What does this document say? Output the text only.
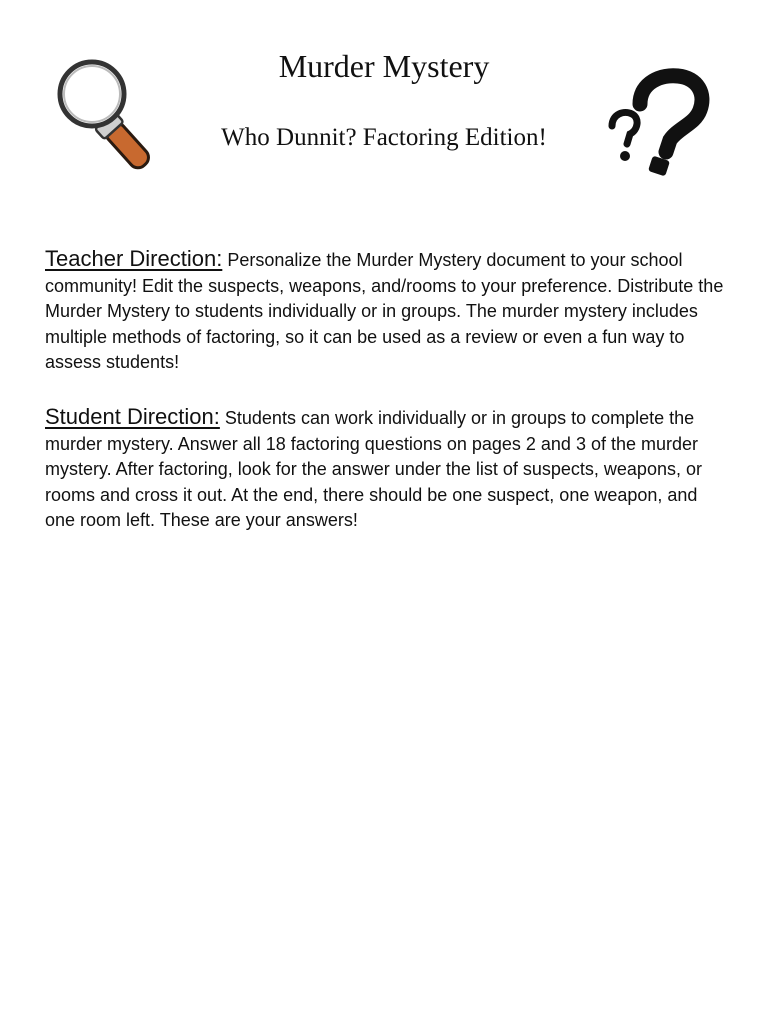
Murder Mystery
Who Dunnit? Factoring Edition!

Teacher Direction: Personalize the Murder Mystery document to your school community! Edit the suspects, weapons, and/rooms to your preference. Distribute the Murder Mystery to students individually or in groups. The murder mystery includes multiple methods of factoring, so it can be used as a review or even a fun way to assess students!

Student Direction: Students can work individually or in groups to complete the murder mystery. Answer all 18 factoring questions on pages 2 and 3 of the murder mystery. After factoring, look for the answer under the list of suspects, weapons, or rooms and cross it out. At the end, there should be one suspect, one weapon, and one room left. These are your answers!
